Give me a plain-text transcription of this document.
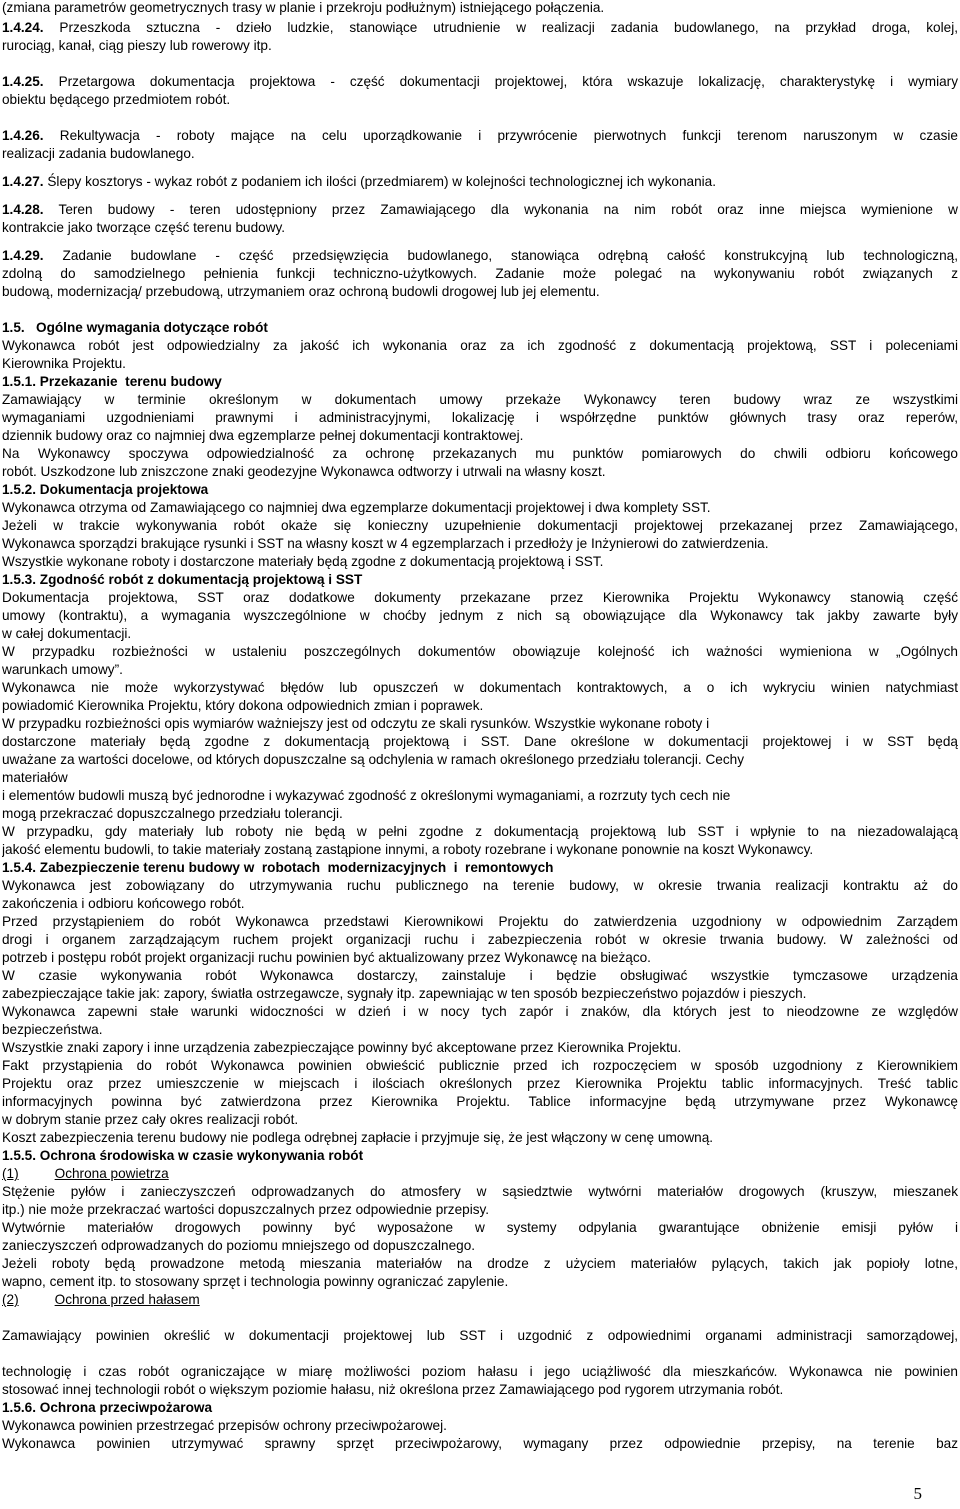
(zmiana parametrów geometrycznych trasy w planie i przekroju podłużnym) istniejącego połączenia.
1.4.24. Przeszkoda sztuczna - dzieło ludzkie, stanowiące utrudnienie w realizacji zadania budowlanego, na przykład droga, kolej,
rurociąg, kanał, ciąg pieszy lub rowerowy itp.
1.4.25. Przetargowa dokumentacja projektowa - część dokumentacji projektowej, która wskazuje lokalizację, charakterystykę i wymiary
obiektu będącego przedmiotem robót.
1.4.26. Rekultywacja - roboty mające na celu uporządkowanie i przywrócenie pierwotnych funkcji terenom naruszonym w czasie
realizacji zadania budowlanego.
1.4.27. Ślepy kosztorys - wykaz robót z podaniem ich ilości (przedmiarem) w kolejności technologicznej ich wykonania.
1.4.28. Teren budowy - teren udostępniony przez Zamawiającego dla wykonania na nim robót oraz inne miejsca wymienione w
kontrakcie jako tworzące część terenu budowy.
1.4.29. Zadanie budowlane - część przedsięwzięcia budowlanego, stanowiąca odrębną całość konstrukcyjną lub technologiczną,
zdolną do samodzielnego pełnienia funkcji techniczno-użytkowych. Zadanie może polegać na wykonywaniu robót związanych z
budową, modernizacją/ przebudową, utrzymaniem oraz ochroną budowli drogowej lub jej elementu.
1.5.   Ogólne wymagania dotyczące robót
Wykonawca robót jest odpowiedzialny za jakość ich wykonania oraz za ich zgodność z dokumentacją projektową, SST i poleceniami
Kierownika Projektu.
1.5.1. Przekazanie  terenu budowy
Zamawiający w terminie określonym w dokumentach umowy przekaże Wykonawcy teren budowy wraz ze wszystkimi
wymaganiami uzgodnieniami prawnymi i administracyjnymi, lokalizację i współrzędne punktów głównych trasy oraz reperów,
dziennik budowy oraz co najmniej dwa egzemplarze pełnej dokumentacji kontraktowej.
Na Wykonawcy spoczywa odpowiedzialność za ochronę przekazanych mu punktów pomiarowych do chwili odbioru końcowego
robót. Uszkodzone lub zniszczone znaki geodezyjne Wykonawca odtworzy i utrwali na własny koszt.
1.5.2. Dokumentacja projektowa
Wykonawca otrzyma od Zamawiającego co najmniej dwa egzemplarze dokumentacji projektowej i dwa komplety SST.
Jeżeli w trakcie wykonywania robót okaże się konieczny uzupełnienie dokumentacji projektowej przekazanej przez Zamawiającego,
Wykonawca sporządzi brakujące rysunki i SST na własny koszt w 4 egzemplarzach i przedłoży je Inżynierowi do zatwierdzenia.
Wszystkie wykonane roboty i dostarczone materiały będą zgodne z dokumentacją projektową i SST.
1.5.3. Zgodność robót z dokumentacją projektową i SST
Dokumentacja projektowa, SST oraz dodatkowe dokumenty przekazane przez Kierownika Projektu Wykonawcy stanowią część
umowy (kontraktu), a wymagania wyszczególnione w choćby jednym z nich są obowiązujące dla Wykonawcy tak jakby zawarte były
w całej dokumentacji.
W przypadku rozbieżności w ustaleniu poszczególnych dokumentów obowiązuje kolejność ich ważności wymieniona w „Ogólnych
warunkach umowy”.
Wykonawca nie może wykorzystywać błędów lub opuszczeń w dokumentach kontraktowych, a o ich wykryciu winien natychmiast
powiadomić Kierownika Projektu, który dokona odpowiednich zmian i poprawek.
W przypadku rozbieżności opis wymiarów ważniejszy jest od odczytu ze skali rysunków. Wszystkie wykonane roboty i
dostarczone materiały będą zgodne z dokumentacją projektową i SST. Dane określone w dokumentacji projektowej i w SST będą
uważane za wartości docelowe, od których dopuszczalne są odchylenia w ramach określonego przedziału tolerancji. Cechy
materiałów
i elementów budowli muszą być jednorodne i wykazywać zgodność z określonymi wymaganiami, a rozrzuty tych cech nie
mogą przekraczać dopuszczalnego przedziału tolerancji.
W przypadku, gdy materiały lub roboty nie będą w pełni zgodne z dokumentacją projektową lub SST i wpłynie to na niezadowalającą
jakość elementu budowli, to takie materiały zostaną zastąpione innymi, a roboty rozebrane i wykonane ponownie na koszt Wykonawcy.
1.5.4. Zabezpieczenie terenu budowy w  robotach  modernizacyjnych  i  remontowych
Wykonawca jest zobowiązany do utrzymywania ruchu publicznego na terenie budowy, w okresie trwania realizacji kontraktu aż do
zakończenia i odbioru końcowego robót.
Przed przystąpieniem do robót Wykonawca przedstawi Kierownikowi Projektu do zatwierdzenia uzgodniony w odpowiednim Zarządem
drogi i organem zarządzającym ruchem projekt organizacji ruchu i zabezpieczenia robót w okresie trwania budowy. W zależności od
potrzeb i postępu robót projekt organizacji ruchu powinien być aktualizowany przez Wykonawcę na bieżąco.
W czasie wykonywania robót Wykonawca dostarczy, zainstaluje i będzie obsługiwać wszystkie tymczasowe urządzenia
zabezpieczające takie jak: zapory, światła ostrzegawcze, sygnały itp. zapewniając w ten sposób bezpieczeństwo pojazdów i pieszych.
Wykonawca zapewni stałe warunki widoczności w dzień i w nocy tych zapór i znaków, dla których jest to nieodzowne ze względów
bezpieczeństwa.
Wszystkie znaki zapory i inne urządzenia zabezpieczające powinny być akceptowane przez Kierownika Projektu.
Fakt przystąpienia do robót Wykonawca powinien obwieścić publicznie przed ich rozpoczęciem w sposób uzgodniony z Kierownikiem
Projektu oraz przez umieszczenie w miejscach i ilościach określonych przez Kierownika Projektu tablic informacyjnych. Treść tablic
informacyjnych powinna być zatwierdzona przez Kierownika Projektu. Tablice informacyjne będą utrzymywane przez Wykonawcę
w dobrym stanie przez cały okres realizacji robót.
Koszt zabezpieczenia terenu budowy nie podlega odrębnej zapłacie i przyjmuje się, że jest włączony w cenę umowną.
1.5.5. Ochrona środowiska w czasie wykonywania robót
(1)	Ochrona powietrza
Stężenie pyłów i zanieczyszczeń odprowadzanych do atmosfery w sąsiedztwie wytwórni materiałów drogowych (kruszyw, mieszanek
itp.) nie może przekraczać wartości dopuszczalnych przez odpowiednie przepisy.
Wytwórnie materiałów drogowych powinny być wyposażone w systemy odpylania gwarantujące obniżenie emisji pyłów i
zanieczyszczeń odprowadzanych do poziomu mniejszego od dopuszczalnego.
Jeżeli roboty będą prowadzone metodą mieszania materiałów na drodze z użyciem materiałów pylących, takich jak popioły lotne,
wapno, cement itp. to stosowany sprzęt i technologia powinny ograniczać zapylenie.
(2)	Ochrona przed hałasem
Zamawiający powinien określić w dokumentacji projektowej lub SST i uzgodnić z odpowiednimi organami administracji samorządowej,
technologię i czas robót ograniczające w miarę możliwości poziom hałasu i jego uciążliwość dla mieszkańców. Wykonawca nie powinien
stosować innej technologii robót o większym poziomie hałasu, niż określona przez Zamawiającego pod rygorem utrzymania robót.
1.5.6. Ochrona przeciwpożarowa
Wykonawca powinien przestrzegać przepisów ochrony przeciwpożarowej.
Wykonawca powinien utrzymywać sprawny sprzęt przeciwpożarowy, wymagany przez odpowiednie przepisy, na terenie baz
5
